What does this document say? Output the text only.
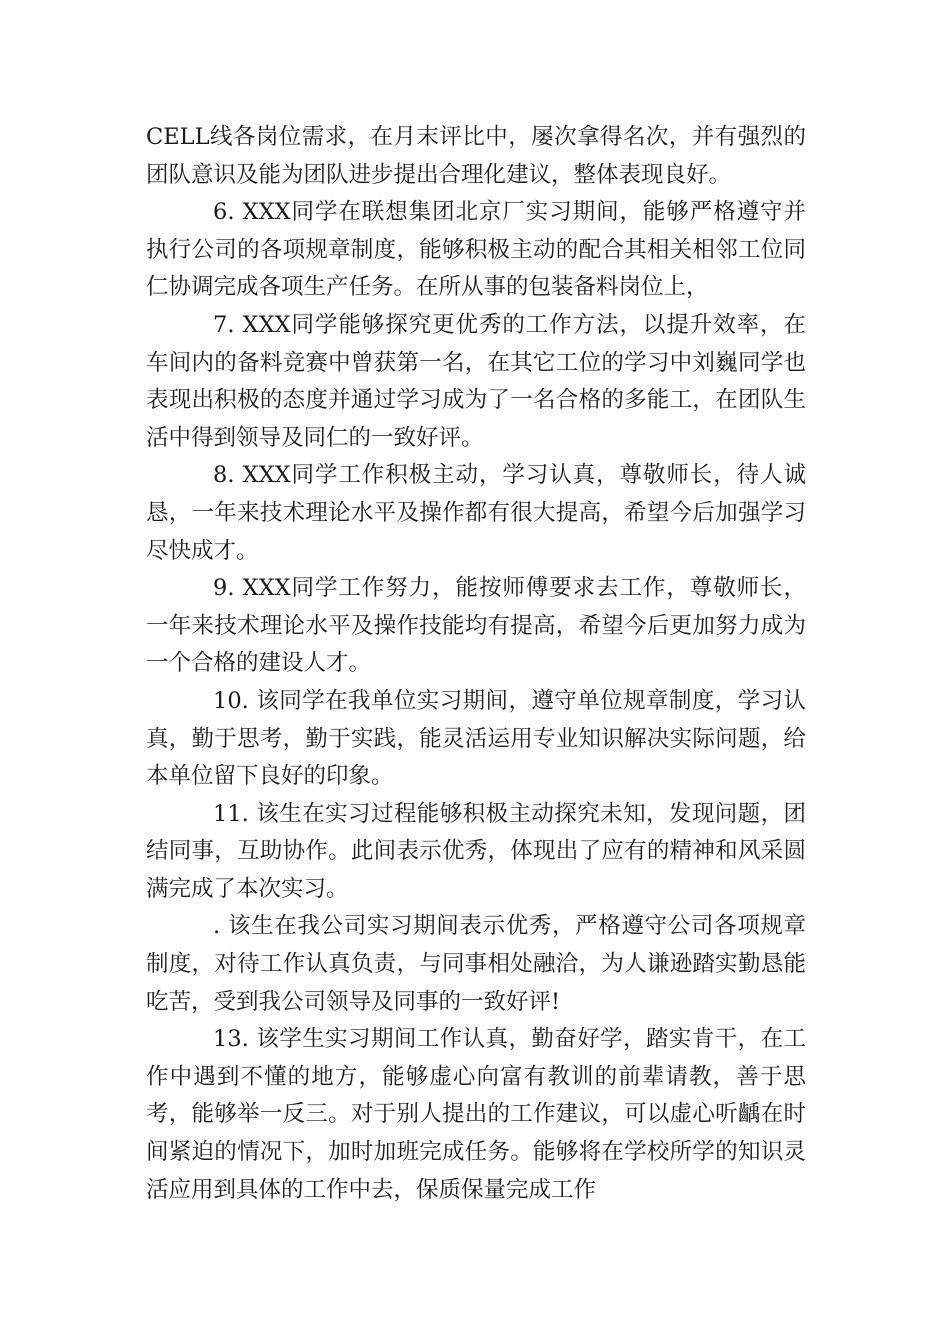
CELL线各岗位需求，在月末评比中，屡次拿得名次，并有强烈的团队意识及能为团队进步提出合理化建议，整体表现良好。

6. XXX同学在联想集团北京厂实习期间，能够严格遵守并执行公司的各项规章制度，能够积极主动的配合其相关相邻工位同仁协调完成各项生产任务。在所从事的包装备料岗位上，

7. XXX同学能够探究更优秀的工作方法，以提升效率，在车间内的备料竞赛中曾获第一名，在其它工位的学习中刘巍同学也表现出积极的态度并通过学习成为了一名合格的多能工，在团队生活中得到领导及同仁的一致好评。

8. XXX同学工作积极主动，学习认真，尊敬师长，待人诚恳，一年来技术理论水平及操作都有很大提高，希望今后加强学习尽快成才。

9. XXX同学工作努力，能按师傅要求去工作，尊敬师长，一年来技术理论水平及操作技能均有提高，希望今后更加努力成为一个合格的建设人才。

10. 该同学在我单位实习期间，遵守单位规章制度，学习认真，勤于思考，勤于实践，能灵活运用专业知识解决实际问题，给本单位留下良好的印象。

11. 该生在实习过程能够积极主动探究未知，发现问题，团结同事，互助协作。此间表示优秀，体现出了应有的精神和风采圆满完成了本次实习。

. 该生在我公司实习期间表示优秀，严格遵守公司各项规章制度，对待工作认真负责，与同事相处融洽，为人谦逊踏实勤恳能吃苦，受到我公司领导及同事的一致好评!

13. 该学生实习期间工作认真，勤奋好学，踏实肯干，在工作中遇到不懂的地方，能够虚心向富有教训的前辈请教，善于思考，能够举一反三。对于别人提出的工作建议，可以虚心听齲在时间紧迫的情况下，加时加班完成任务。能够将在学校所学的知识灵活应用到具体的工作中去，保质保量完成工作
